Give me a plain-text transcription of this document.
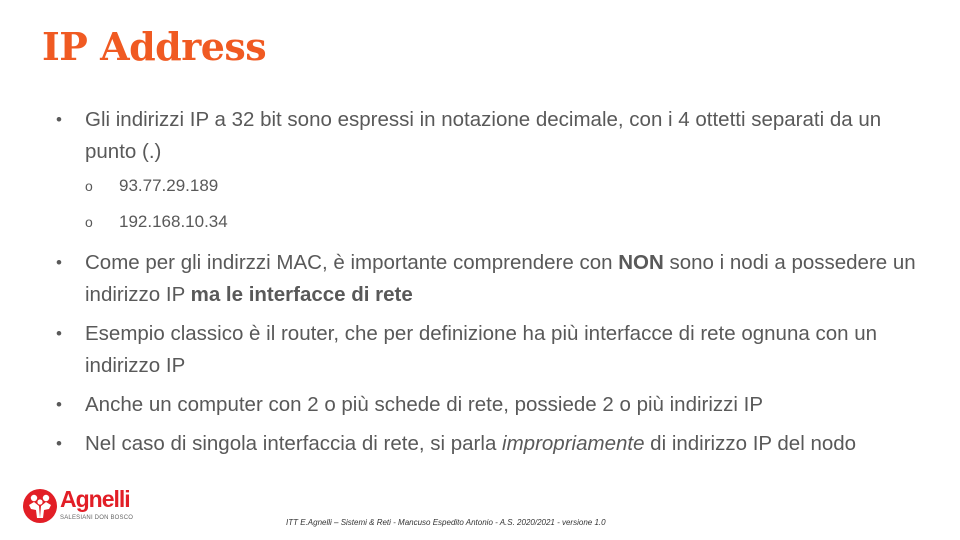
IP Address
• Gli indirizzi IP a 32 bit sono espressi in notazione decimale, con i 4 ottetti separati da un punto (.)
o 93.77.29.189
o 192.168.10.34
• Come per gli indirzzi MAC, è importante comprendere con NON sono i nodi a possedere un indirizzo IP ma le interfacce di rete
• Esempio classico è il router, che per definizione ha più interfacce di rete ognuna con un indirizzo IP
• Anche un computer con 2 o più schede di rete, possiede 2 o più indirizzi IP
• Nel caso di singola interfaccia di rete, si parla impropriamente di indirizzo IP del nodo
Agnelli
SALESIANI DON BOSCO	ITT E.Agnelli – Sistemi & Reti - Mancuso Espedito Antonio - A.S. 2020/2021 - versione 1.0
